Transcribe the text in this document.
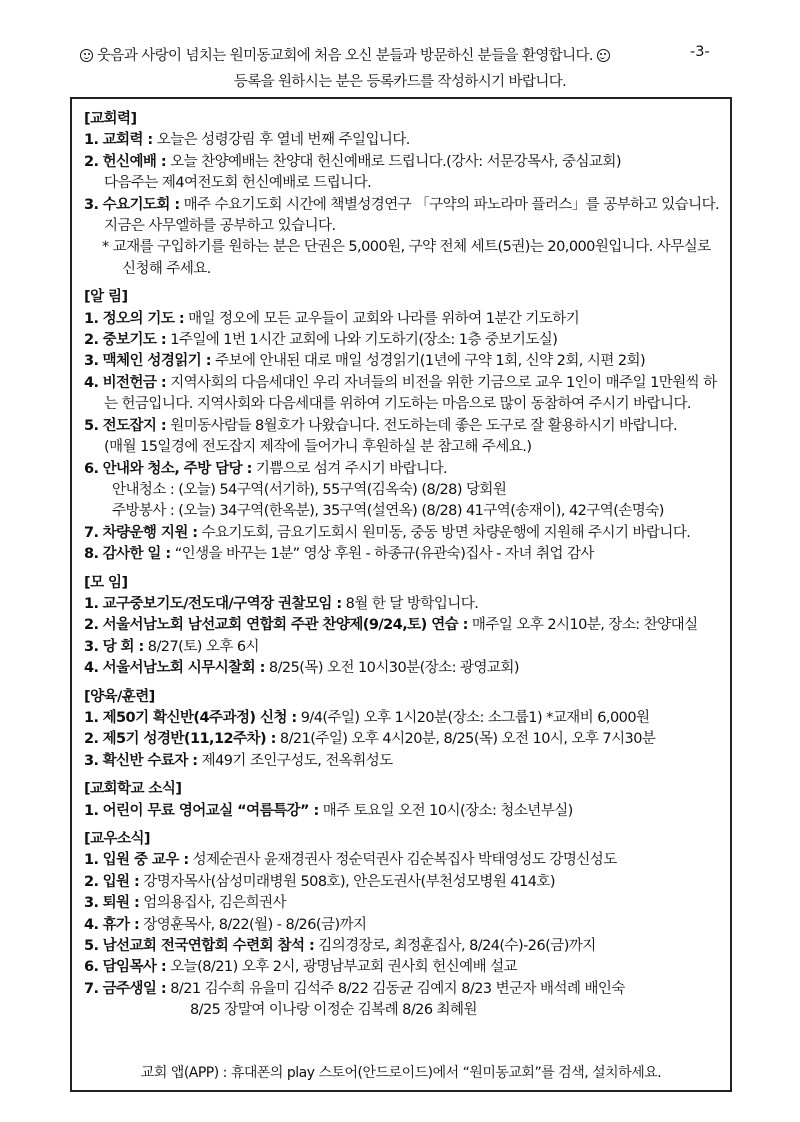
웃음과 사랑이 넘치는 원미동교회에 처음 오신 분들과 방문하신 분들을 환영합니다.	-3-
등록을 원하시는 분은 등록카드를 작성하시기 바랍니다.
[교회력]
1. 교회력 : 오늘은 성령강림 후 열네 번째 주일입니다.
2. 헌신예배 : 오늘 찬양예배는 찬양대 헌신예배로 드립니다.(강사: 서문강목사, 중심교회)
다음주는 제4여전도회 헌신예배로 드립니다.
3. 수요기도회 : 매주 수요기도회 시간에 책별성경연구 「구약의 파노라마 플러스」를 공부하고 있습니다. 지금은 사무엘하를 공부하고 있습니다.
* 교재를 구입하기를 원하는 분은 단권은 5,000원, 구약 전체 세트(5권)는 20,000원입니다. 사무실로 신청해 주세요.
[알 림]
1. 정오의 기도 : 매일 정오에 모든 교우들이 교회와 나라를 위하여 1분간 기도하기
2. 중보기도 : 1주일에 1번 1시간 교회에 나와 기도하기(장소: 1층 중보기도실)
3. 맥체인 성경읽기 : 주보에 안내된 대로 매일 성경읽기(1년에 구약 1회, 신약 2회, 시편 2회)
4. 비전헌금 : 지역사회의 다음세대인 우리 자녀들의 비전을 위한 기금으로 교우 1인이 매주일 1만원씩 하는 헌금입니다. 지역사회와 다음세대를 위하여 기도하는 마음으로 많이 동참하여 주시기 바랍니다.
5. 전도잡지 : 원미동사람들 8월호가 나왔습니다. 전도하는데 좋은 도구로 잘 활용하시기 바랍니다.
(매월 15일경에 전도잡지 제작에 들어가니 후원하실 분 참고해 주세요.)
6. 안내와 청소, 주방 담당 : 기쁨으로 섬겨 주시기 바랍니다.
안내청소 : (오늘) 54구역(서기하), 55구역(김옥숙) (8/28) 당회원
주방봉사 : (오늘) 34구역(한옥분), 35구역(설연옥) (8/28) 41구역(송재이), 42구역(손명숙)
7. 차량운행 지원 : 수요기도회, 금요기도회시 원미동, 중동 방면 차량운행에 지원해 주시기 바랍니다.
8. 감사한 일 : “인생을 바꾸는 1분” 영상 후원 - 하종규(유관숙)집사 - 자녀 취업 감사
[모 임]
1. 교구중보기도/전도대/구역장 권찰모임 : 8월 한 달 방학입니다.
2. 서울서남노회 남선교회 연합회 주관 찬양제(9/24,토) 연습 : 매주일 오후 2시10분, 장소: 찬양대실
3. 당 회 : 8/27(토) 오후 6시
4. 서울서남노회 시무시찰회 : 8/25(목) 오전 10시30분(장소: 광영교회)
[양육/훈련]
1. 제50기 확신반(4주과정) 신청 : 9/4(주일) 오후 1시20분(장소: 소그룹1) *교재비 6,000원
2. 제5기 성경반(11,12주차) : 8/21(주일) 오후 4시20분, 8/25(목) 오전 10시, 오후 7시30분
3. 확신반 수료자 : 제49기 조인구성도, 전옥휘성도
[교회학교 소식]
1. 어린이 무료 영어교실 “여름특강” : 매주 토요일 오전 10시(장소: 청소년부실)
[교우소식]
1. 입원 중 교우 : 성제순권사 윤재경권사 정순덕권사 김순복집사 박태영성도 강명신성도
2. 입원 : 강명자목사(삼성미래병원 508호), 안은도권사(부천성모병원 414호)
3. 퇴원 : 엄의용집사, 김은희권사
4. 휴가 : 장영훈목사, 8/22(월) - 8/26(금)까지
5. 남선교회 전국연합회 수련회 참석 : 김의경장로, 최정훈집사, 8/24(수)-26(금)까지
6. 담임목사 : 오늘(8/21) 오후 2시, 광명남부교회 권사회 헌신예배 설교
7. 금주생일 : 8/21 김수희 유을미 김석주 8/22 김동균 김예지 8/23 변군자 배석례 배인숙
8/25 장말여 이나랑 이정순 김복례 8/26 최혜원
교회 앱(APP) : 휴대폰의 play 스토어(안드로이드)에서 “원미동교회”를 검색, 설치하세요.
